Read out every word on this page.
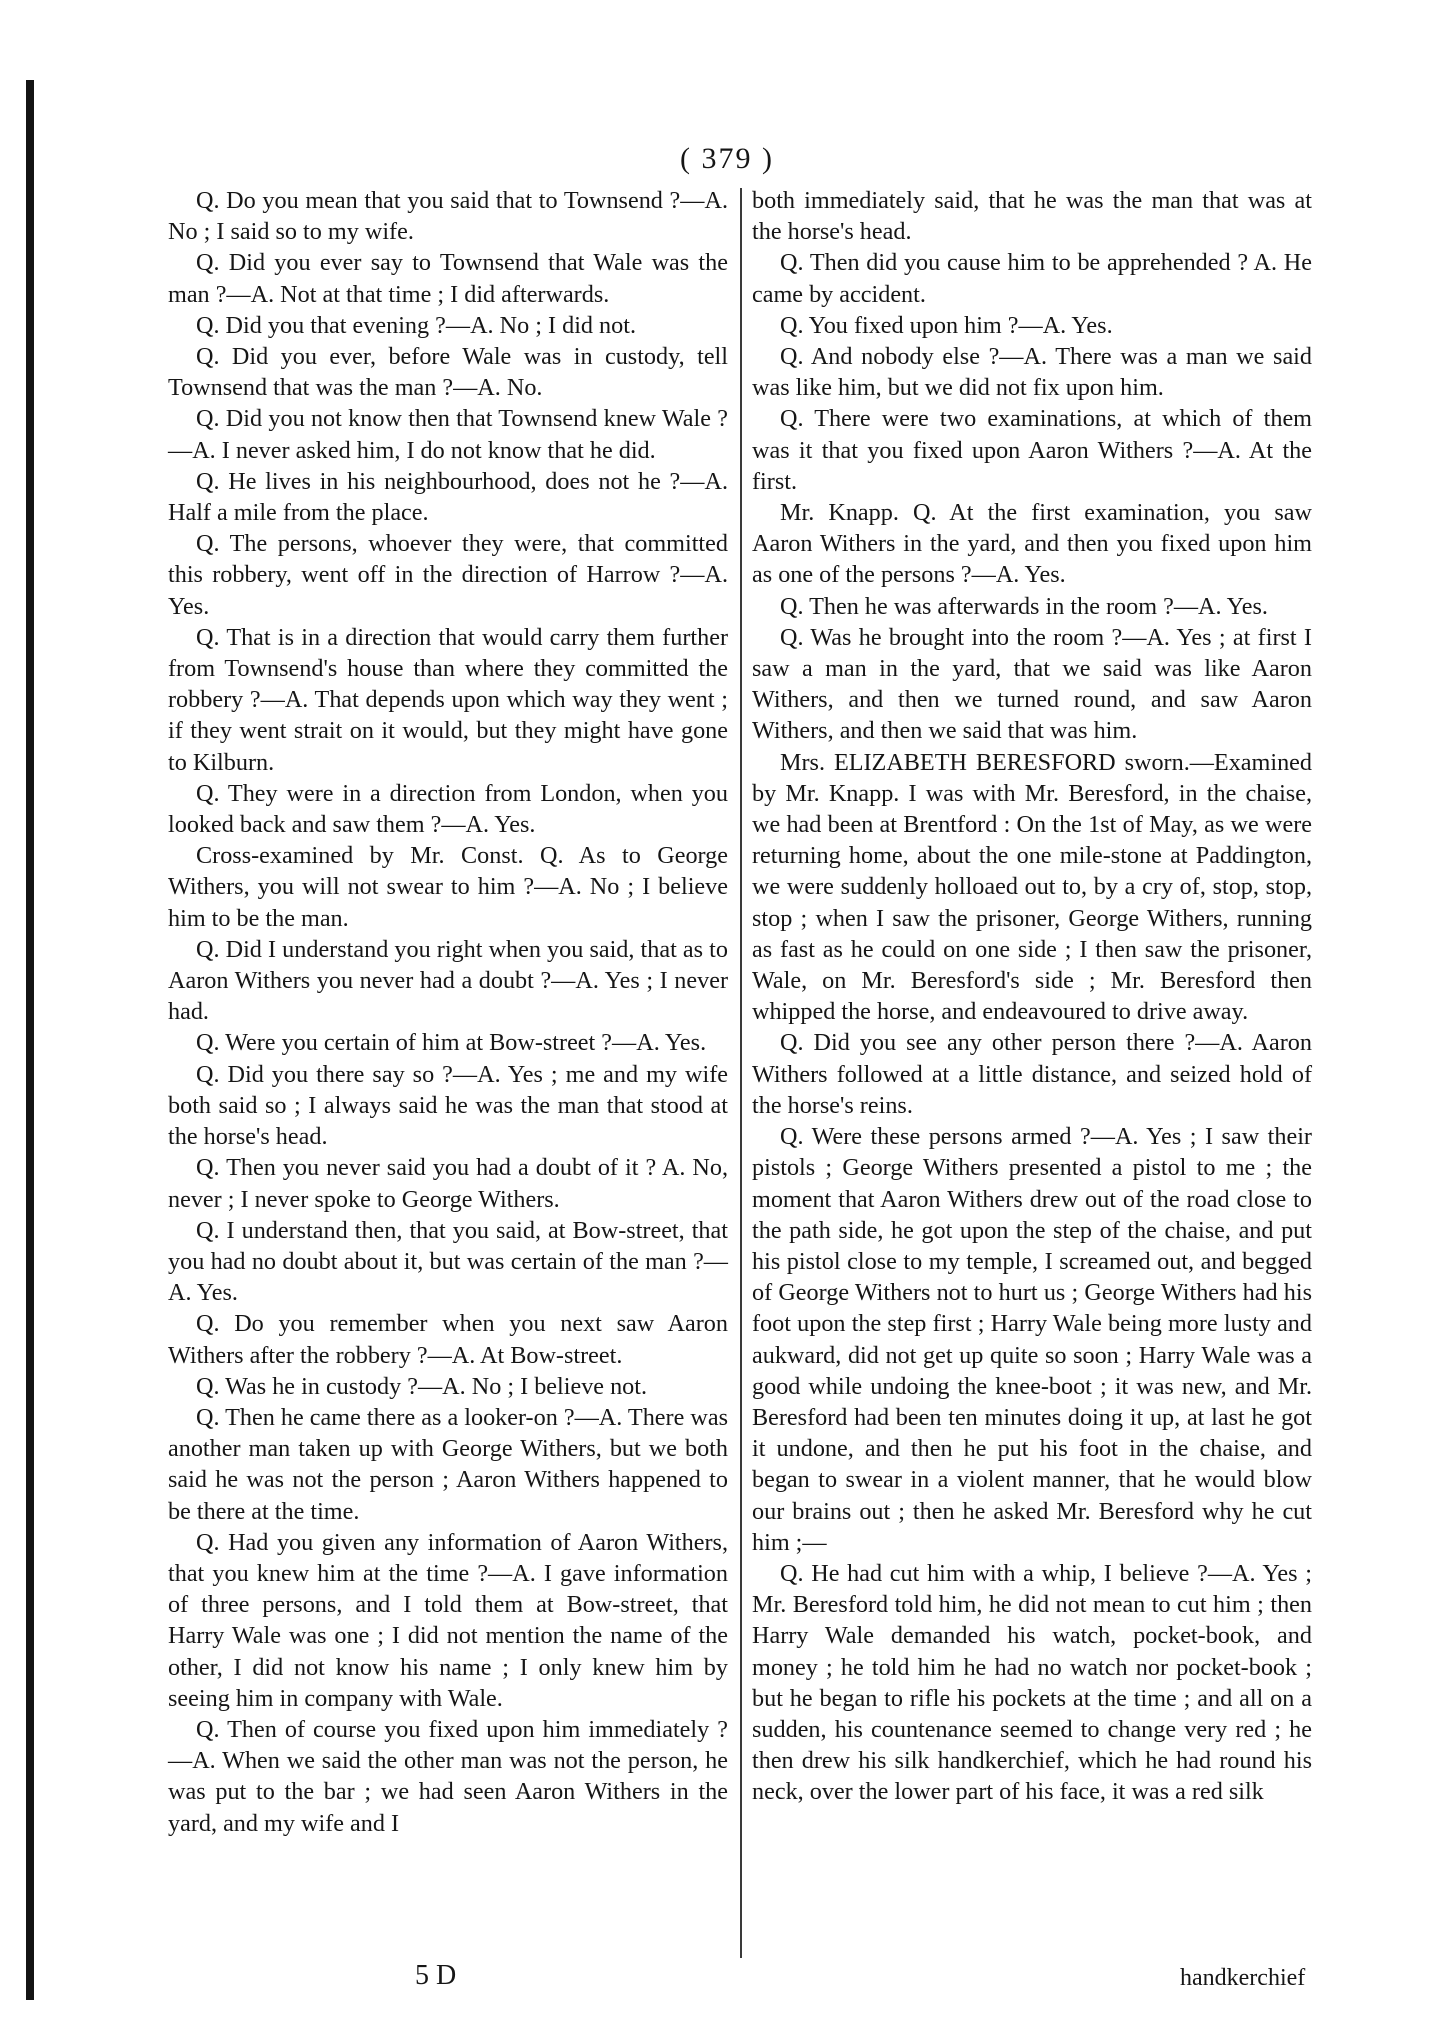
( 379 )

Q. Do you mean that you said that to Townsend ?—A. No ; I said so to my wife.

Q. Did you ever say to Townsend that Wale was the man ?—A. Not at that time ; I did afterwards.

Q. Did you that evening ?—A. No ; I did not.

Q. Did you ever, before Wale was in custody, tell Townsend that was the man ?—A. No.

Q. Did you not know then that Townsend knew Wale ?—A. I never asked him, I do not know that he did.

Q. He lives in his neighbourhood, does not he ?—A. Half a mile from the place.

Q. The persons, whoever they were, that committed this robbery, went off in the direction of Harrow ?—A. Yes.

Q. That is in a direction that would carry them further from Townsend's house than where they committed the robbery ?—A. That depends upon which way they went ; if they went strait on it would, but they might have gone to Kilburn.

Q. They were in a direction from London, when you looked back and saw them ?—A. Yes.

Cross-examined by Mr. Const. Q. As to George Withers, you will not swear to him ?—A. No ; I believe him to be the man.

Q. Did I understand you right when you said, that as to Aaron Withers you never had a doubt ?—A. Yes ; I never had.

Q. Were you certain of him at Bow-street ?—A. Yes.

Q. Did you there say so ?—A. Yes ; me and my wife both said so ; I always said he was the man that stood at the horse's head.

Q. Then you never said you had a doubt of it ? A. No, never ; I never spoke to George Withers.

Q. I understand then, that you said, at Bow-street, that you had no doubt about it, but was certain of the man ?—A. Yes.

Q. Do you remember when you next saw Aaron Withers after the robbery ?—A. At Bow-street.

Q. Was he in custody ?—A. No ; I believe not.

Q. Then he came there as a looker-on ?—A. There was another man taken up with George Withers, but we both said he was not the person ; Aaron Withers happened to be there at the time.

Q. Had you given any information of Aaron Withers, that you knew him at the time ?—A. I gave information of three persons, and I told them at Bow-street, that Harry Wale was one ; I did not mention the name of the other, I did not know his name ; I only knew him by seeing him in company with Wale.

Q. Then of course you fixed upon him immediately ?—A. When we said the other man was not the person, he was put to the bar ; we had seen Aaron Withers in the yard, and my wife and I

both immediately said, that he was the man that was at the horse's head.

Q. Then did you cause him to be apprehended ? A. He came by accident.

Q. You fixed upon him ?—A. Yes.

Q. And nobody else ?—A. There was a man we said was like him, but we did not fix upon him.

Q. There were two examinations, at which of them was it that you fixed upon Aaron Withers ?—A. At the first.

Mr. Knapp. Q. At the first examination, you saw Aaron Withers in the yard, and then you fixed upon him as one of the persons ?—A. Yes.

Q. Then he was afterwards in the room ?—A. Yes.

Q. Was he brought into the room ?—A. Yes ; at first I saw a man in the yard, that we said was like Aaron Withers, and then we turned round, and saw Aaron Withers, and then we said that was him.

Mrs. ELIZABETH BERESFORD sworn.—Examined by Mr. Knapp. I was with Mr. Beresford, in the chaise, we had been at Brentford : On the 1st of May, as we were returning home, about the one mile-stone at Paddington, we were suddenly holloaed out to, by a cry of, stop, stop, stop ; when I saw the prisoner, George Withers, running as fast as he could on one side ; I then saw the prisoner, Wale, on Mr. Beresford's side ; Mr. Beresford then whipped the horse, and endeavoured to drive away.

Q. Did you see any other person there ?—A. Aaron Withers followed at a little distance, and seized hold of the horse's reins.

Q. Were these persons armed ?—A. Yes ; I saw their pistols ; George Withers presented a pistol to me ; the moment that Aaron Withers drew out of the road close to the path side, he got upon the step of the chaise, and put his pistol close to my temple, I screamed out, and begged of George Withers not to hurt us ; George Withers had his foot upon the step first ; Harry Wale being more lusty and aukward, did not get up quite so soon ; Harry Wale was a good while undoing the knee-boot ; it was new, and Mr. Beresford had been ten minutes doing it up, at last he got it undone, and then he put his foot in the chaise, and began to swear in a violent manner, that he would blow our brains out ; then he asked Mr. Beresford why he cut him ;—

Q. He had cut him with a whip, I believe ?—A. Yes ; Mr. Beresford told him, he did not mean to cut him ; then Harry Wale demanded his watch, pocket-book, and money ; he told him he had no watch nor pocket-book ; but he began to rifle his pockets at the time ; and all on a sudden, his countenance seemed to change very red ; he then drew his silk handkerchief, which he had round his neck, over the lower part of his face, it was a red silk

5 D	handkerchief
